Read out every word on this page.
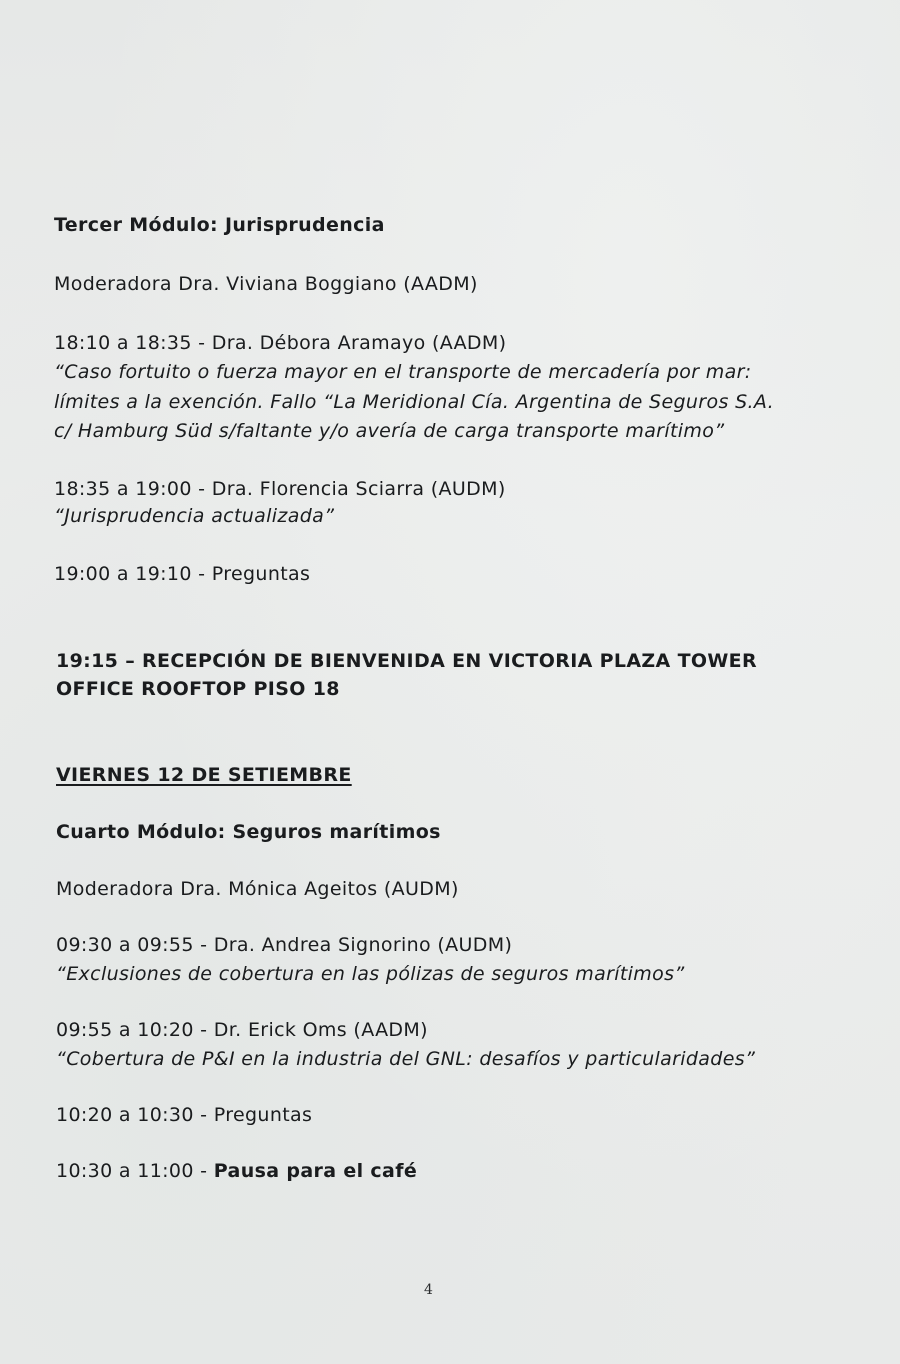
Tercer Módulo: Jurisprudencia
Moderadora Dra. Viviana Boggiano (AADM)
18:10 a 18:35 - Dra. Débora Aramayo (AADM)
“Caso fortuito o fuerza mayor en el transporte de mercadería por mar:
límites a la exención. Fallo “La Meridional Cía. Argentina de Seguros S.A.
c/ Hamburg Süd s/faltante y/o avería de carga transporte marítimo”
18:35 a 19:00 - Dra. Florencia Sciarra (AUDM)
“Jurisprudencia actualizada”
19:00 a 19:10 - Preguntas
19:15 – RECEPCIÓN DE BIENVENIDA EN VICTORIA PLAZA TOWER
OFFICE ROOFTOP PISO 18
VIERNES 12 DE SETIEMBRE
Cuarto Módulo: Seguros marítimos
Moderadora Dra. Mónica Ageitos (AUDM)
09:30 a 09:55 - Dra. Andrea Signorino (AUDM)
“Exclusiones de cobertura en las pólizas de seguros marítimos”
09:55 a 10:20 - Dr. Erick Oms (AADM)
“Cobertura de P&I en la industria del GNL: desafíos y particularidades”
10:20 a 10:30 - Preguntas
10:30 a 11:00 - Pausa para el café
4
